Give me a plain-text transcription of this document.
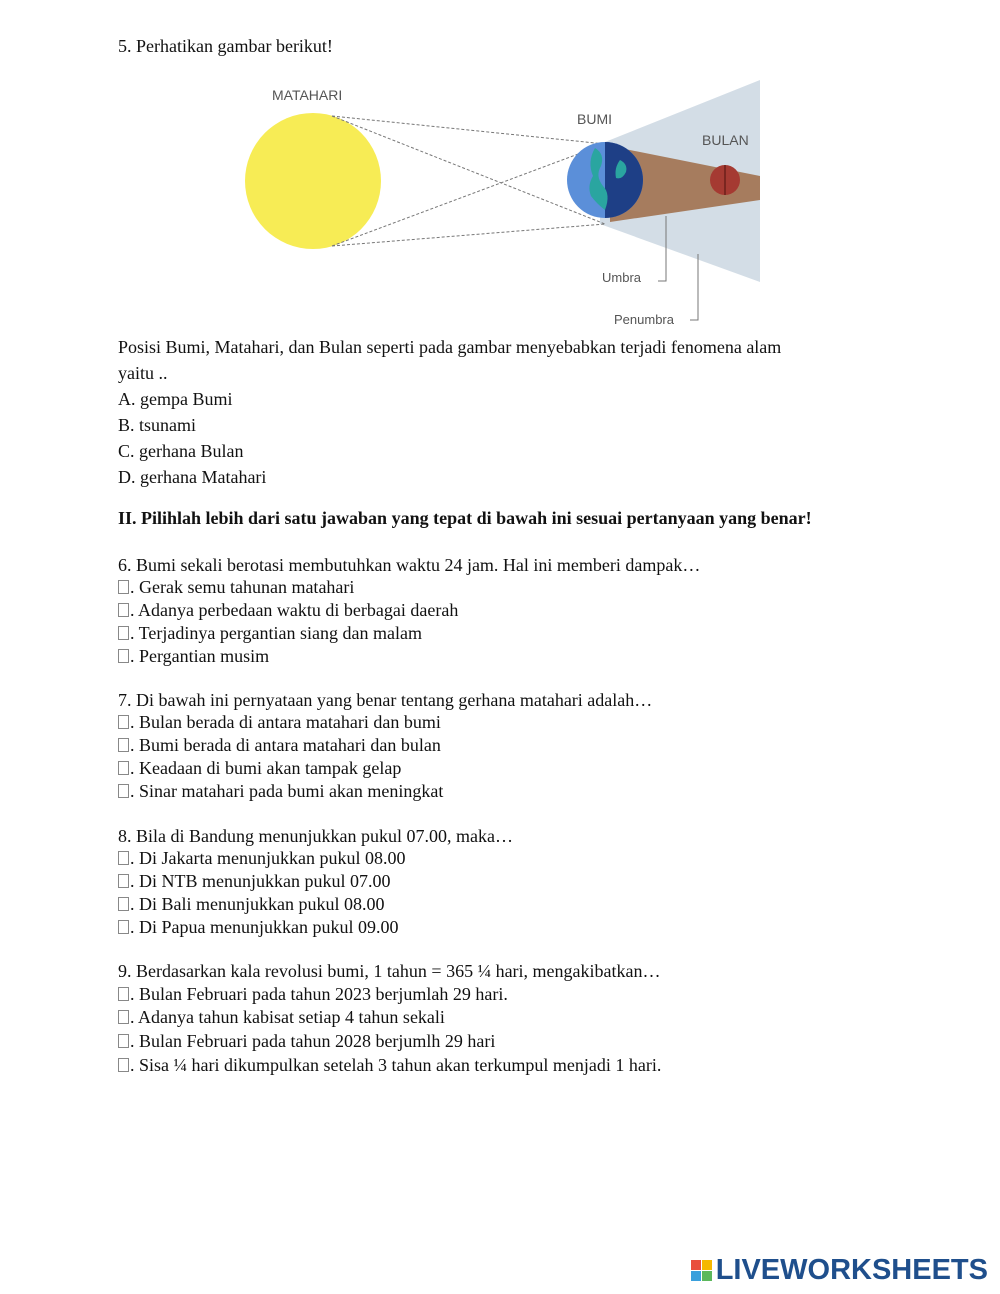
5. Perhatikan gambar berikut!
MATAHARI
BUMI
BULAN
Umbra
Penumbra
Posisi Bumi, Matahari, dan Bulan seperti pada gambar menyebabkan terjadi fenomena alam
yaitu ..
A. gempa Bumi
B. tsunami
C. gerhana Bulan
D. gerhana Matahari
II. Pilihlah lebih dari satu jawaban yang tepat di bawah ini sesuai pertanyaan yang benar!
6. Bumi sekali berotasi membutuhkan waktu 24 jam. Hal ini memberi dampak…
. Gerak semu tahunan matahari
. Adanya perbedaan waktu di berbagai daerah
. Terjadinya pergantian siang dan malam
. Pergantian musim
7. Di bawah ini pernyataan yang benar tentang gerhana matahari adalah…
. Bulan berada di antara matahari dan bumi
. Bumi berada di antara matahari dan bulan
. Keadaan di bumi akan tampak gelap
. Sinar matahari pada bumi akan meningkat
8. Bila di Bandung menunjukkan pukul 07.00, maka…
. Di Jakarta menunjukkan pukul 08.00
. Di NTB menunjukkan pukul 07.00
. Di Bali menunjukkan pukul 08.00
. Di Papua menunjukkan pukul 09.00
9. Berdasarkan kala revolusi bumi, 1 tahun = 365 ¼ hari, mengakibatkan…
. Bulan Februari pada tahun 2023 berjumlah 29 hari.
. Adanya tahun kabisat setiap 4 tahun sekali
. Bulan Februari pada tahun 2028 berjumlh 29 hari
. Sisa ¼ hari dikumpulkan setelah 3 tahun akan terkumpul menjadi 1 hari.
LIVEWORKSHEETS
